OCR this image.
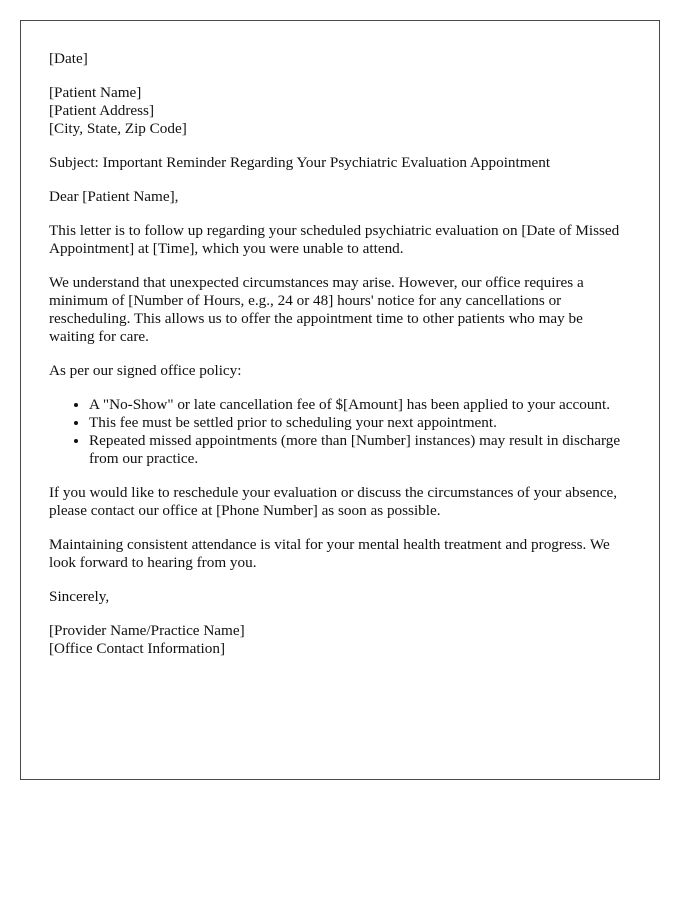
[Date]

[Patient Name]
[Patient Address]
[City, State, Zip Code]

Subject: Important Reminder Regarding Your Psychiatric Evaluation Appointment

Dear [Patient Name],

This letter is to follow up regarding your scheduled psychiatric evaluation on [Date of Missed Appointment] at [Time], which you were unable to attend.

We understand that unexpected circumstances may arise. However, our office requires a minimum of [Number of Hours, e.g., 24 or 48] hours' notice for any cancellations or rescheduling. This allows us to offer the appointment time to other patients who may be waiting for care.

As per our signed office policy:

• A "No-Show" or late cancellation fee of $[Amount] has been applied to your account.
• This fee must be settled prior to scheduling your next appointment.
• Repeated missed appointments (more than [Number] instances) may result in discharge from our practice.

If you would like to reschedule your evaluation or discuss the circumstances of your absence, please contact our office at [Phone Number] as soon as possible.

Maintaining consistent attendance is vital for your mental health treatment and progress. We look forward to hearing from you.

Sincerely,

[Provider Name/Practice Name]
[Office Contact Information]
